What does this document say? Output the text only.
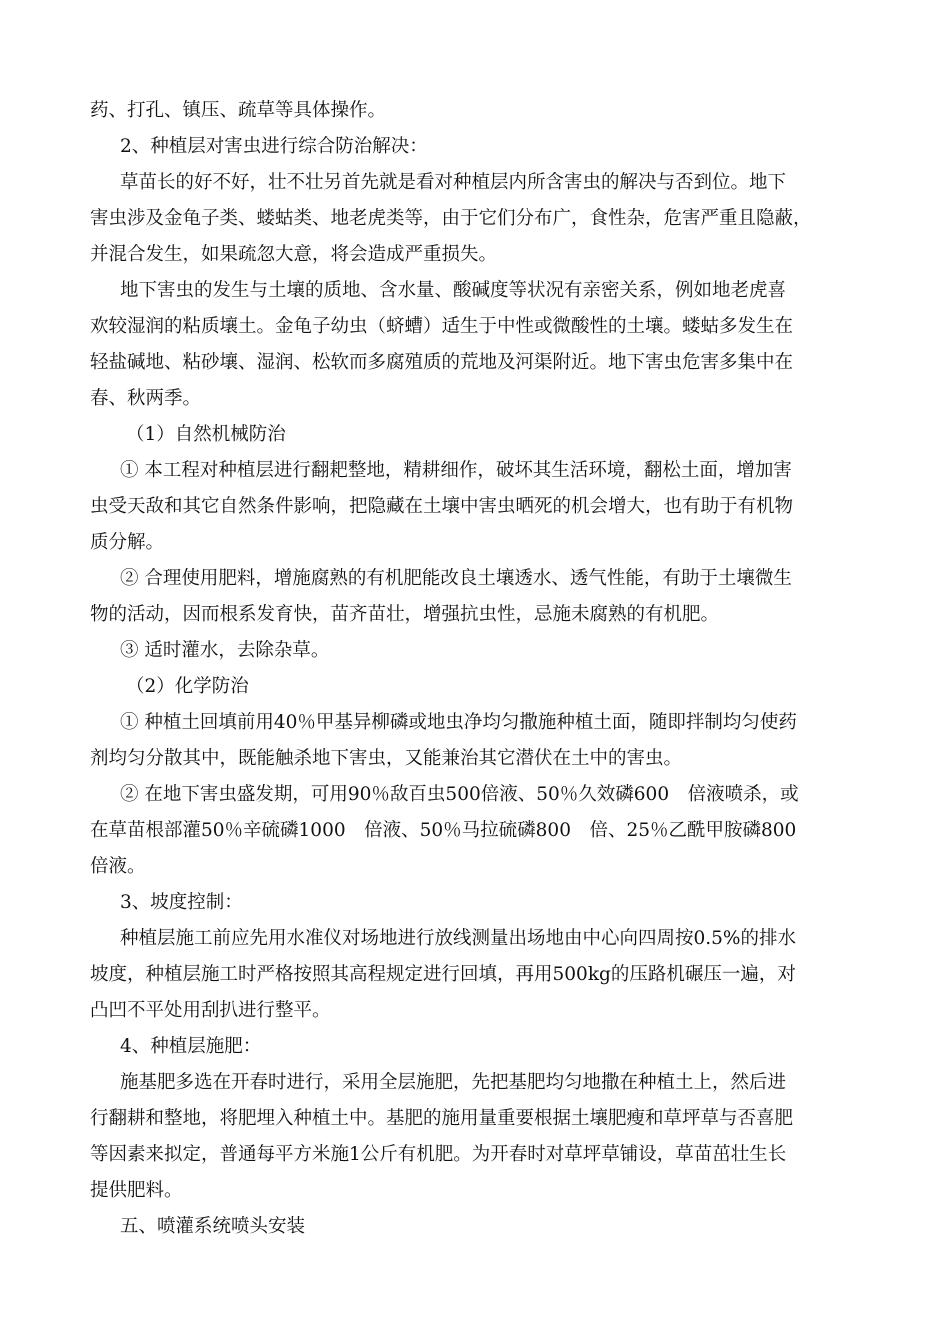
药、打孔、镇压、疏草等具体操作。
2、种植层对害虫进行综合防治解决：
草苗长的好不好，壮不壮另首先就是看对种植层内所含害虫的解决与否到位。地下
害虫涉及金龟子类、蝼蛄类、地老虎类等，由于它们分布广，食性杂，危害严重且隐蔽，
并混合发生，如果疏忽大意，将会造成严重损失。
地下害虫的发生与土壤的质地、含水量、酸碱度等状况有亲密关系，例如地老虎喜
欢较湿润的粘质壤土。金龟子幼虫（蛴螬）适生于中性或微酸性的土壤。蝼蛄多发生在
轻盐碱地、粘砂壤、湿润、松软而多腐殖质的荒地及河渠附近。地下害虫危害多集中在
春、秋两季。
（1）自然机械防治
① 本工程对种植层进行翻耙整地，精耕细作，破坏其生活环境，翻松土面，增加害
虫受天敌和其它自然条件影响，把隐藏在土壤中害虫晒死的机会增大，也有助于有机物
质分解。
② 合理使用肥料，增施腐熟的有机肥能改良土壤透水、透气性能，有助于土壤微生
物的活动，因而根系发育快，苗齐苗壮，增强抗虫性，忌施未腐熟的有机肥。
③ 适时灌水，去除杂草。
（2）化学防治
① 种植土回填前用40％甲基异柳磷或地虫净均匀撒施种植土面，随即拌制均匀使药
剂均匀分散其中，既能触杀地下害虫，又能兼治其它潜伏在土中的害虫。
② 在地下害虫盛发期，可用90％敌百虫500倍液、50％久效磷600　倍液喷杀，或
在草苗根部灌50％辛硫磷1000　倍液、50％马拉硫磷800　倍、25％乙酰甲胺磷800
倍液。
3、坡度控制：
种植层施工前应先用水准仪对场地进行放线测量出场地由中心向四周按0.5%的排水
坡度，种植层施工时严格按照其高程规定进行回填，再用500kg的压路机碾压一遍，对
凸凹不平处用刮扒进行整平。
4、种植层施肥：
施基肥多选在开春时进行，采用全层施肥，先把基肥均匀地撒在种植土上，然后进
行翻耕和整地，将肥埋入种植土中。基肥的施用量重要根据土壤肥瘦和草坪草与否喜肥
等因素来拟定，普通每平方米施1公斤有机肥。为开春时对草坪草铺设，草苗茁壮生长
提供肥料。
五、喷灌系统喷头安装
